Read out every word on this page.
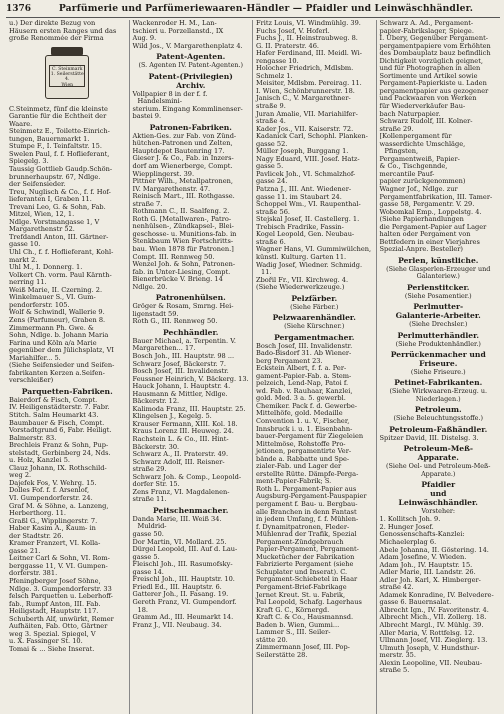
1376	Parfümerie und Parfümeriewaaren-Händler — Pfaidler und Leinwäschhändler.

u.) Der direkte Bezug von

Häusern ersten Ranges und das

große Renommée der Firma

C. Steinmark
1. Seilerstätte 4.
Wien

C.Steinmetz, fünf die kleinste

Garantie für die Echtheit der

Waare.

Steinmetz E., Toilette-Einrich-

tungen, Bauernmarkt 1.

Stumpe F., I. Teinfaltstr. 15.

Swelen Paul, f. f. Hoflieferant,

Spiegelg. 3.

Taussig Gottlieb Gaudp.Schön-

brunnerhaupstr. 67, Ndlge.

der Seifensieder.

Treu, Nuglisch & Co., f. f. Hof-

lieferanten I, Graben 11.

Trevani Leo, G. & Sohn, Fab.

Mitzel, Wien, 12, 1.

Ndlge. Vorstmangasse 1, V

Margarethenstr 52.

Trefdandl Anton, III. Gärtner-

gasse 10.

Uhl Ch., f. f. Hoflieferant, Kohl-

markt 2.

Uhl M., I. Donnerg. 1.

Volkert Ch. vorm. Paul Kärnth-

nerring 11.

Weiß Marie, II. Czerning. 2.

Winkelmauer S., VI. Gum-

pendorferstr. 105.

Wolf & Schwindl, Wallerie 9.

Zens (Parfumeur), Graben 8.

Zimmermann Ph. Gwe. &

Sohn, Ndlge. b. Johann Maria

Farina und Köln a/a Marie

gegenüber dem Jülichsplatz, VI

Mariahilfer... 5.

(Siehe Seifensieder und Seifen-

fabrikanten Kerzen a.Seifen-

verschleißer)

Parquetten-Fabriken.

Baierdorf & Fisch, Compt.

IV. Heiligenstädterstr. 7. Fabr.

Stitch. Salm Heumarkt 43.

Baumbauer & Fisch, Compt.

Vorstadtgrund 6, Fabr. Heiligt.

Balmerstr. 83.

Brechleis Franz & Sohn, Pup-

stelstadt, Gerbinberg 24, Nds.

u. Holz, Kanzlei 5.

Clauz Johann, IX. Rothschild-

weg 2.

Dajefek Fos, V. Wehrg. 15.

Dolles Fof. f. f. Arsenlof,

VI. Gumpendorferstr. 24.

Graf M. & Söhne, a. Lanzeng,

Herberthorg. 11.

Graßl G., Wipplingerstr. 7.

Haber Kasim A., Kaum- in

der Stadtstr. 26.

Kramer Franzert, VI. Kolla-

gasse 21.

Leitner Carl & Sohn, VI. Rom-

berggasse 11, V. VI. Gumpen-

dorferstr. 381.

Pfeningberger Josef Söhne,

Ndlge. 3. Gumpendorferstr. 33

felsch Parquetten u. Leberhoff-

fab., Rumpf Anton, III. Fab.

Heiligstadt, Hauptstr. 117.

Schuberth Alf, unwürkt, Remer

Aufhäiten, Fab. Otto, Gärtner

weg 3. Spezial. Spiegel, V

u. X. Fassinger St. 10.

Tomai & ... Siehe Inserat.

Wackenroder H. M., Lan-

tschieri u. Porzellanstd., IX

Aug. 9.

Wild Jos., V. Margarethenplatz 4.

Patent-Agenten.
(S. Agenten IV. Patent-Agenten.)
Patent-(Privilegien)
Archiv.

Vollpapier 8 in der f. f. Handelsmini-

sterium. Eingang Kommlinenser-

bastei 9.

Patronen-Fabriken.

Aktien-Ges. zur Fab. von Zünd-

hütchen-Patronen und Zelten,

Hauptdepot Bautenring 17.

Gieser J. & Co., Fab. in Inzers-

dorf am Wienerberge, Compt.

Wiepplingerst. 39.

Pittner Wilh., Metallpatronen,

IV. Margarethenstr. 47.

Reinisch Mart., III. Rothgasse.

straße 7.

Rothmann C., II. Saalfeng. 2.

Roth G. [Metallwaren-, Patro-

nenhülsen-, Zündkapsel-, Blei-

geschosse- u. Munitions-fab. in

Stenkbaum Wien Fortschritts-

bau. Wien 1878 für Patronen.]

Compt. III. Rennweg 50.

Wenzel Joh. & Sohn, Patronen-

fab. in Unter-Liesing, Compt.

Bienerbrücke V. Brieng. 14

Ndlge. 20.

Patronenhülsen.

Gröger & Rosam, Smrng. Hei-

ligenstadt 59.

Roth G., III. Rennweg 50.

Pechhändler.

Bauer Michael, a. Terpentin. V.

Margarethen... 17.

Bosch Joh., III. Hauptstr. 98 ...

Schwarz Josef, Bäckerstr. 7.

Bosch Josef, III. Invalidenstr.

Feussner Heinrich, V. Bäckerg. 13.

Hauck Johann, I. Hauptstr. 4.

Hausmann & Mittler, Ndlge.

Bäckerstr. 12.

Kalimoda Franz, III. Hauptstr. 25.

Klingelsen J., Kegelg. 5.

Krauser Fermann, XIII. Kol. 18.

Kraus Lorenz III. Heuweg. 24.

Rachstein L. & Co., III. Hint-

Bäckerstr. 30.

Schwarz A., II. Praterstr. 49.

Schwarz Adolf, III. Reisner-

straße 29.

Schwarz Joh. & Comp., Leopold-

dorfer Str. 15.

Zens Franz, VI. Magdalenen-

straße 11.

Peitschenmacher.

Danda Marie, III. Weiß 34. Muldrid-

gasse 50.

Dor Martin, VI. Mollard. 25.

Dürgel Leopold, III. Auf d. Lau-

gasse 5.

Fleischl Joh., III. Rasumofsky-

gasse 14.

Freischl Joh., III. Hauptstr. 10.

Friedl Ed., III. Hauptstr. 6.

Gatterer Joh., II. Fasang. 19.

Gereth Franz, VI. Gumpendorf. 18.

Gramm Ad., III. Heumarkt 14.

Franz J., VII. Neubaug. 34.

Fritz Louis, VI. Windmühlg. 39.

Fuchs Josef, V. Hoferl.

Fuchs J., II. Heinstraubweg. 8.

G. II. Praterstr. 46.

Hafer Ferdinand, III. Meidl. Wi-

rengasse 10.

Holocher Friedrich, Mdlsbm.

Schmelz 1.

Meisiter, Mdlsbm. Pereirag. 11.

I. Wien, Schönbrunnerstr. 18.

Janisch C., V. Margarethner-

straße 9.

Juran Amalie, VII. Mariahilfer-

straße 4.

Kader Jos., VII. Kaiserstr. 72.

Kadanick Carl, Schophl. Planken-

gasse 52.

Müller Joseph, Burggang 1.

Nagy Eduard, VIII. Josef. Hatz-

gasse 5.

Pavlicek Joh., VI. Schmalzhof-

gasse 24.

Patzna J., III. Ant. Wiedener-

gasse 11. im Staubart 24.

Schoppel Wm., VI. Raupenthal-

straße 56.

Stejskal Josef, II. Castellerg. 1.

Trebisch Fradrike, Fassin-

Kogel Leopold, Gen. Neubau-

straße 6.

Wagner Hans, VI. Gummiwülchen,

künstl. Kulturg. Garten 11.

Wadig Josef, Wiedner. Schmidg. 11.

Zbořil Fr., VII. Kirchweg. 4.

(Siehe Wiederwerkzeuge.)

Pelzfärber.
(Siehe Färber.)
Pelzwaarenhändler.
(Siehe Kürschner.)
Pergamentmacher.

Bosch Josef, III. Invalidenstr.

Bado-Bisdorf 31. Ab Wiener-

berg Pergament 23.

Eckstein Albert, f. f. a. Per-

gament-Papier-Fab. a. Stem-

pelzeich, Lend-Nap, Patoi f.

wd. Fab. v. Rauhaar, Kanzlei,

gold. Med. 3 a. 5. gewerbl.

Chemiker. Pack f. d. Gewerbe-

Mittelhöfe, gold. Medaille

Convention 1. u. V., Fischer,

Innsbruck i. u. 1. Eisenbahn-

bauer-Pergament für Ziegeleien

Mittelmöse, Rohstoffe Pro-

jetionen, pergamentirte Ver-

bände a. Rabbatte und Spe-

zialer-Fab. und Lager der

erstellte Rütte. Dämpfe-Perga-

ment-Papier-Fabrik; S.

Roth L. Pergament-Papier aus

Augsburg-Pergament-Pauspapier

pergament f. Bau- u. Bergbau-

alle Branchen in denn Fantast

in jedem Umfang, f. f. Mühlen-

f. Dynamitpatronen, Fleder-

Mühlenrad der Trafik, Spezial

Pergament-Zündgebrauch

Papier-Pergament, Pergament-

Mucketücher der Fabrikation

Fabrizierte Pergament (siehe

Schuplater und Inserat). C.

Pergament-Schiebetel in Haar

Pergament-Brief-Fabrikage

Jernet Kreut. St. u. Fabrik,

Pal Leopold, Schafg. Lagerhaus

Kraft G. C., Körnergd.

Kraft C. & Co., Hausmannsd.

Baden b. Wien, Gummi...

Lammer S., III. Seiler-

stätte 20.

Zimmermann Josef, III. Pop-

Seilerstätte 28.

Schwarz A. Ad., Pergament-

papier-Fabrikslager, Spiege.

I. Übery, Gegenüber Pergament-

pergamentpapiere vom Erhöhten

des Dombauplatz bauz befindlich

Dichtigkeit vorzüglich geignet,

und für Photographen in allen

Sortimente und Artikel sowie

Pergament-Papierkiste u. Laden

pergamentpapier aus gezogener

und Packwaaren von Werken

für Wiederverkäufer Bau-

bach Naturpapier.

Schwarz Rudolf, III. Kolner-

straße 29.

[Kollenpergament für

wasserdichte Umschläge, Pfingsten,

Pergamentweiß, Papier-

& Co., Tischgennde,

mercantile Pauf-

papier zurückgenommen)

Wagner Jof., Ndlge. zur

Pergamentfabrikation, III. Tamer-

gasse 58, Pergamentr. V. 29.

Wobomkal Emp., Loppelstg. 4.

(Siehe Papierhandlungen

die Pergament-Papier auf Lager

halten oder Pergament von

Bettfedern in einer Vierjahres

Spezial-Anpre. Besteller)

Perlen, künstliche.
(Siehe Glasperlen-Erzeuger und Galanteriew.)
Perlenstitcker.
(Siehe Posamentier.)
Perlmutter-
Galanterie-Arbeiter.
(Siehe Drechsler.)
Perlmutterhändler.
(Siehe Produktenhändler.)
Perrückenmacher und
Friseure.
(Siehe Friseure.)
Petinet-Fabrikanten.
(Siehe Wirkwaaren-Erzeug. u. Niederlagen.)
Petroleum.
(Siehe Beleuchtungsstoffe.)
Petroleum-Faßhändler.

Spitzer David, III. Distelsg. 3.

Petroleum-Meß-
Apparate.
(Siehe Oel- und Petroleum-Meß-Apparate.)
Pfaidler
und
Leinwäschhändler.
Vorsteher:

1. Kollitsch Joh. 9.

2. Hunger Josef.

Genossenschafts-Kanzlei:

Michaelerplag 6.

Abele Johanna, II. Göstering. 14.

Adam Josefine, V. Wieden.

Adam Joh., IV. Hauptstr. 15.

Adler Marie, III. Landstr. 26.

Adler Joh. Karl, X. Himberger-

straße 42.

Adamek Konradine, IV. Belvedere-

gasse 6. Bauernsalat.

Albrecht Ign., IV. Favoritenstr. 4.

Albrecht Mich., VII. Zollerg. 18.

Albrecht Margl., IV. Mühlg. 39.

Aller Maria, V. Rottfelsg. 12.

Ullmann Josef, VII. Zieglerg. 13.

Ulmuth Joseph, V. Hundsthur-

merstr. 35.

Alexin Leopoline, VII. Neubau-

straße 5.
